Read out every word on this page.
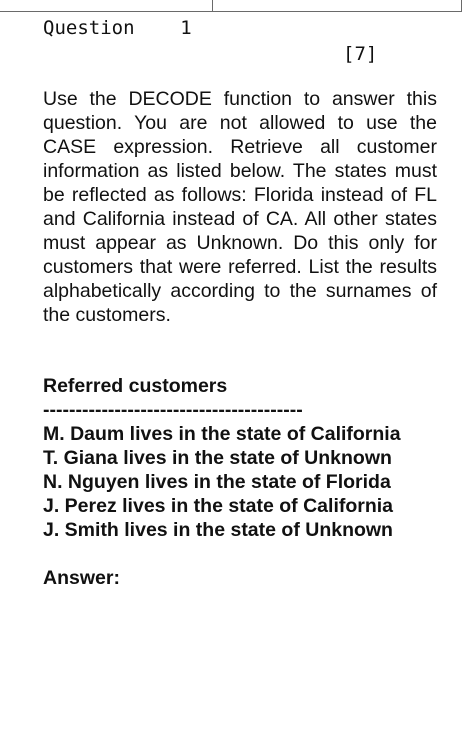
Question    1
[7]

Use the DECODE function to answer this question. You are not allowed to use the CASE expression. Retrieve all customer information as listed below. The states must be reflected as follows: Florida instead of FL and California instead of CA. All other states must appear as Unknown. Do this only for customers that were referred. List the results alphabetically according to the surnames of the customers.

Referred customers
----------------------------------------
M. Daum lives in the state of California
T. Giana lives in the state of Unknown
N. Nguyen lives in the state of Florida
J. Perez lives in the state of California
J. Smith lives in the state of Unknown
Answer:
